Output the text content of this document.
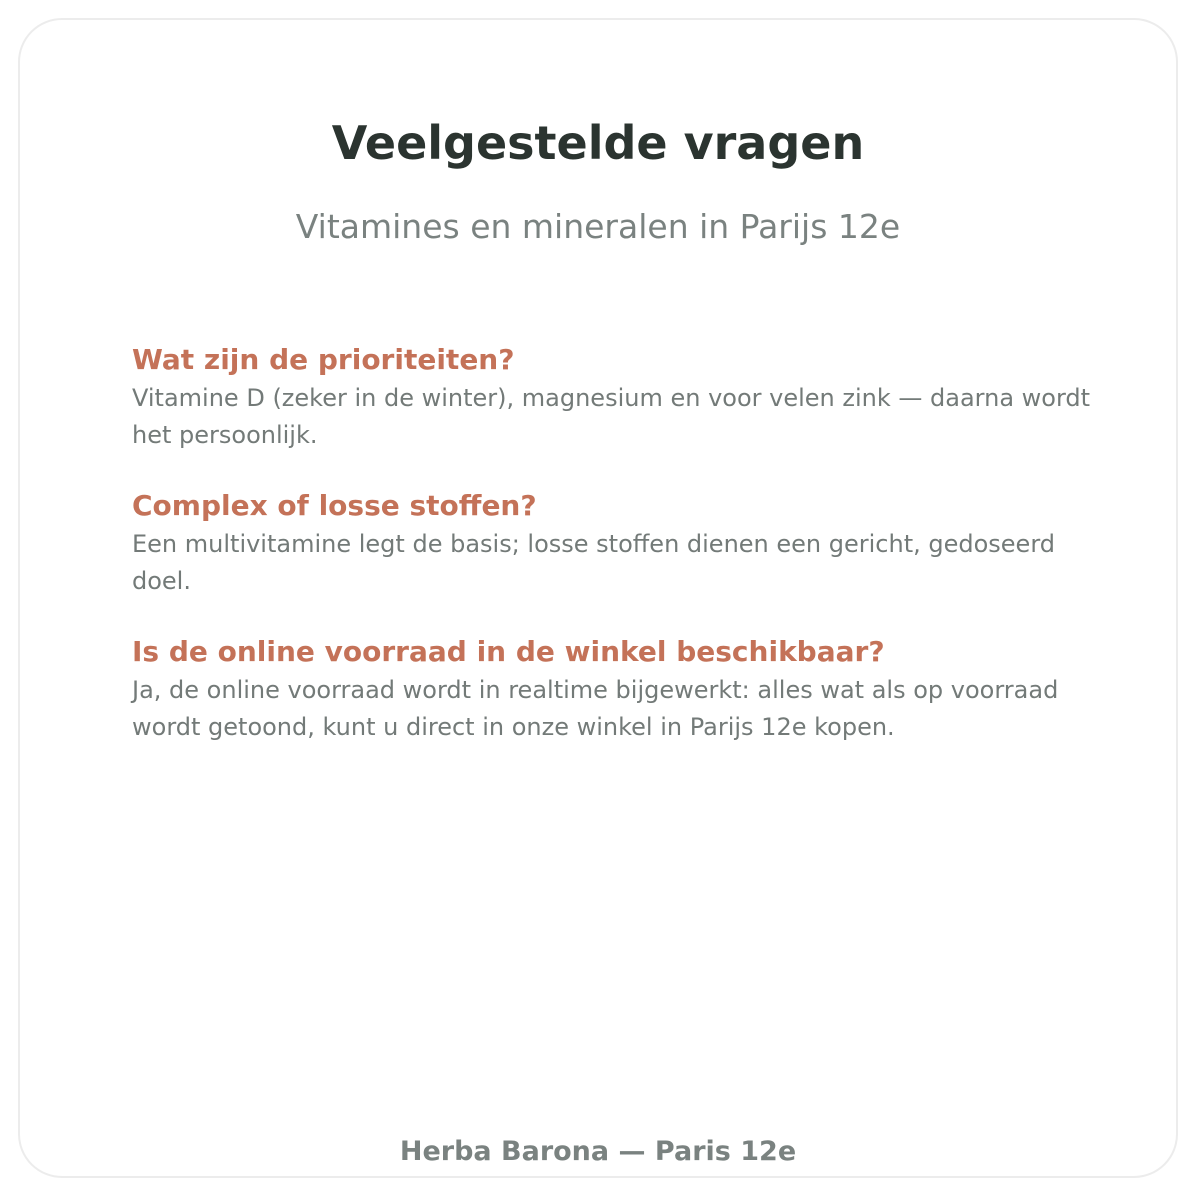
Veelgestelde vragen
Vitamines en mineralen in Parijs 12e
Wat zijn de prioriteiten?
Vitamine D (zeker in de winter), magnesium en voor velen zink — daarna wordt het persoonlijk.
Complex of losse stoffen?
Een multivitamine legt de basis; losse stoffen dienen een gericht, gedoseerd doel.
Is de online voorraad in de winkel beschikbaar?
Ja, de online voorraad wordt in realtime bijgewerkt: alles wat als op voorraad wordt getoond, kunt u direct in onze winkel in Parijs 12e kopen.
Herba Barona — Paris 12e
